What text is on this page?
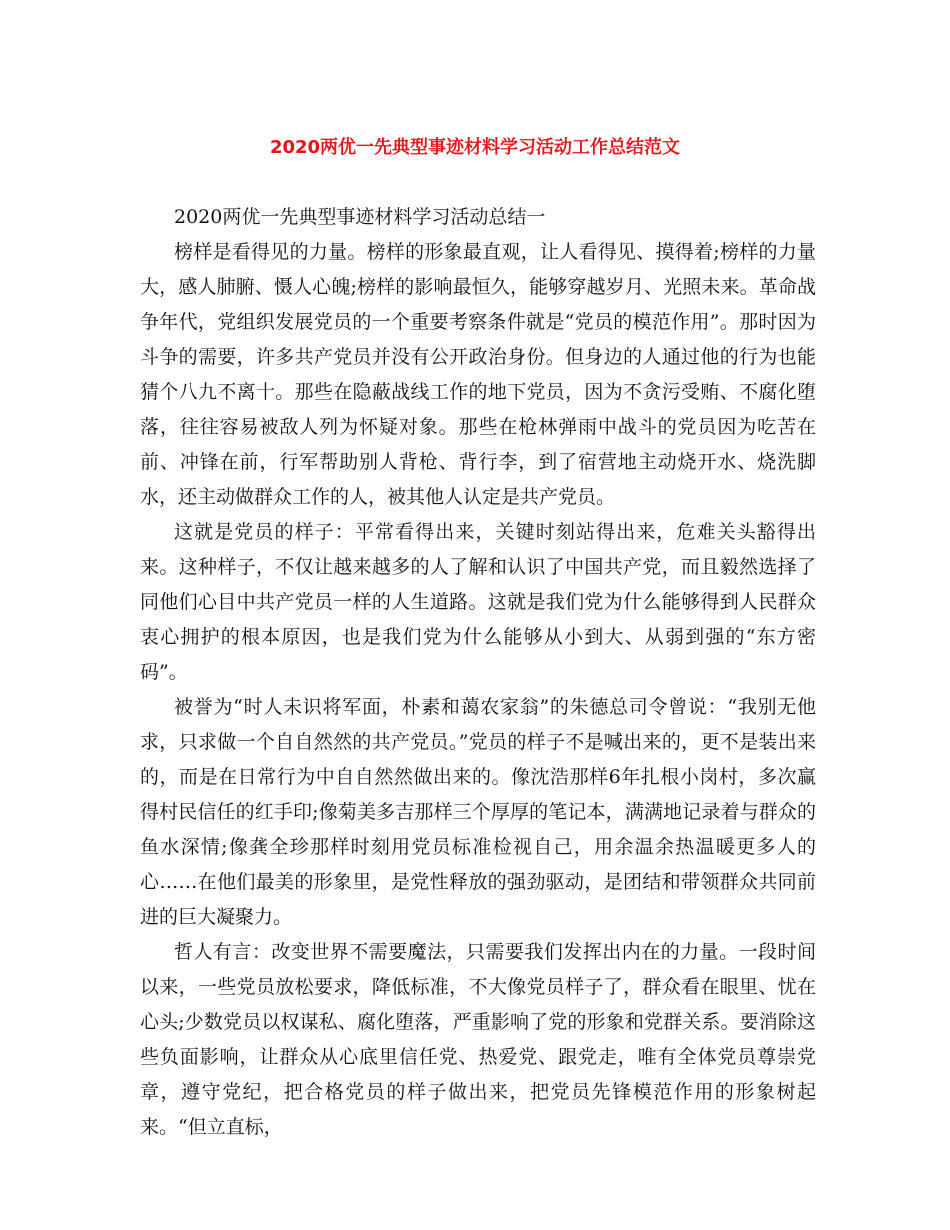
2020两优一先典型事迹材料学习活动工作总结范文

2020两优一先典型事迹材料学习活动总结一

榜样是看得见的力量。榜样的形象最直观，让人看得见、摸得着;榜样的力量大，感人肺腑、慑人心魄;榜样的影响最恒久，能够穿越岁月、光照未来。革命战争年代，党组织发展党员的一个重要考察条件就是“党员的模范作用”。那时因为斗争的需要，许多共产党员并没有公开政治身份。但身边的人通过他的行为也能猜个八九不离十。那些在隐蔽战线工作的地下党员，因为不贪污受贿、不腐化堕落，往往容易被敌人列为怀疑对象。那些在枪林弹雨中战斗的党员因为吃苦在前、冲锋在前，行军帮助别人背枪、背行李，到了宿营地主动烧开水、烧洗脚水，还主动做群众工作的人，被其他人认定是共产党员。

这就是党员的样子：平常看得出来，关键时刻站得出来，危难关头豁得出来。这种样子，不仅让越来越多的人了解和认识了中国共产党，而且毅然选择了同他们心目中共产党员一样的人生道路。这就是我们党为什么能够得到人民群众衷心拥护的根本原因，也是我们党为什么能够从小到大、从弱到强的“东方密码”。

被誉为“时人未识将军面，朴素和蔼农家翁”的朱德总司令曾说：“我别无他求，只求做一个自自然然的共产党员。”党员的样子不是喊出来的，更不是装出来的，而是在日常行为中自自然然做出来的。像沈浩那样6年扎根小岗村，多次赢得村民信任的红手印;像菊美多吉那样三个厚厚的笔记本，满满地记录着与群众的鱼水深情;像龚全珍那样时刻用党员标准检视自己，用余温余热温暖更多人的心……在他们最美的形象里，是党性释放的强劲驱动，是团结和带领群众共同前进的巨大凝聚力。

哲人有言：改变世界不需要魔法，只需要我们发挥出内在的力量。一段时间以来，一些党员放松要求，降低标准，不大像党员样子了，群众看在眼里、忧在心头;少数党员以权谋私、腐化堕落，严重影响了党的形象和党群关系。要消除这些负面影响，让群众从心底里信任党、热爱党、跟党走，唯有全体党员尊崇党章，遵守党纪，把合格党员的样子做出来，把党员先锋模范作用的形象树起来。“但立直标，
